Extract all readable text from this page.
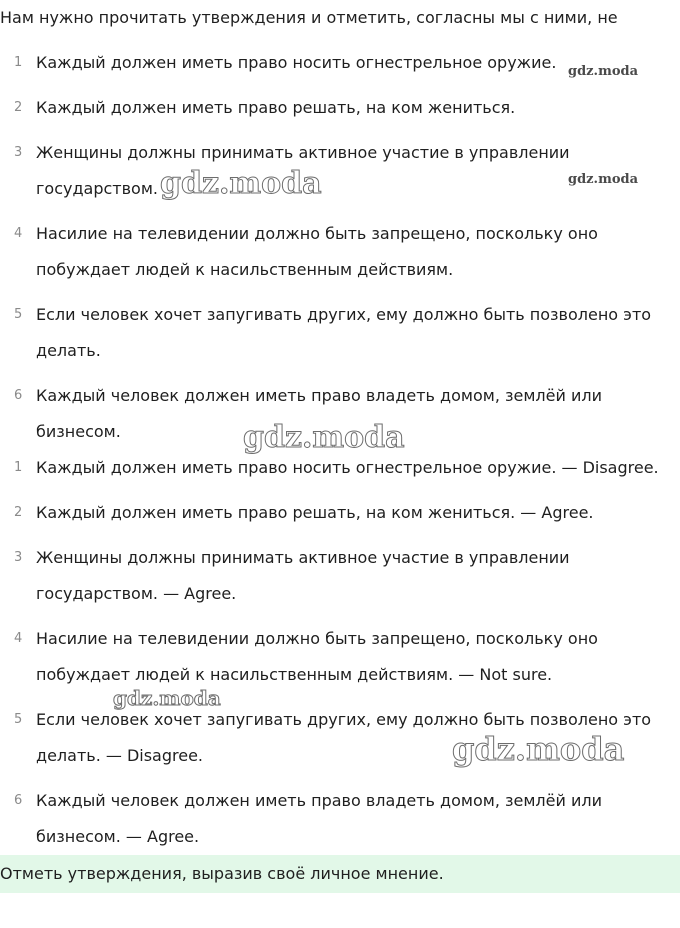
Нам нужно прочитать утверждения и отметить, согласны мы с ними, не
1 Каждый должен иметь право носить огнестрельное оружие.
2 Каждый должен иметь право решать, на ком жениться.
3 Женщины должны принимать активное участие в управлении государством.
4 Насилие на телевидении должно быть запрещено, поскольку оно побуждает людей к насильственным действиям.
5 Если человек хочет запугивать других, ему должно быть позволено это делать.
6 Каждый человек должен иметь право владеть домом, землёй или бизнесом.
1 Каждый должен иметь право носить огнестрельное оружие. — Disagree.
2 Каждый должен иметь право решать, на ком жениться. — Agree.
3 Женщины должны принимать активное участие в управлении государством. — Agree.
4 Насилие на телевидении должно быть запрещено, поскольку оно побуждает людей к насильственным действиям. — Not sure.
5 Если человек хочет запугивать других, ему должно быть позволено это делать. — Disagree.
6 Каждый человек должен иметь право владеть домом, землёй или бизнесом. — Agree.
Отметь утверждения, выразив своё личное мнение.
gdz.moda
gdz.moda	gdz.moda
gdz.moda
gdz.moda
gdz.moda
